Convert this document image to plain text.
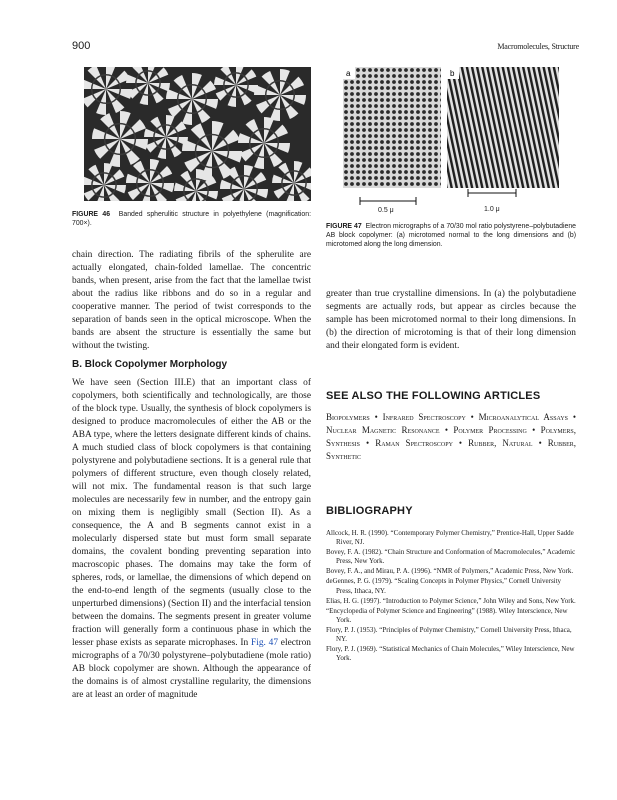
900	Macromolecules, Structure
a	b
0.5 μ	1.0 μ

FIGURE 46 Banded spherulitic structure in polyethylene (magnification: 700×).	FIGURE 47 Electron micrographs of a 70/30 mol ratio polystyrene–polybutadiene AB block copolymer: (a) microtomed normal to the long dimensions and (b) microtomed along the long dimension.

chain direction. The radiating fibrils of the spherulite are actually elongated, chain-folded lamellae. The concentric bands, when present, arise from the fact that the lamellae twist about the radius like ribbons and do so in a regular and cooperative manner. The period of twist corresponds to the separation of bands seen in the optical microscope. When the bands are absent the structure is essentially the same but without the twisting.

B. Block Copolymer Morphology

We have seen (Section III.E) that an important class of copolymers, both scientifically and technologically, are those of the block type. Usually, the synthesis of block copolymers is designed to produce macromolecules of either the AB or the ABA type, where the letters designate different kinds of chains. A much studied class of block copolymers is that containing polystyrene and polybutadiene sections. It is a general rule that polymers of different structure, even though closely related, will not mix. The fundamental reason is that such large molecules are necessarily few in number, and the entropy gain on mixing them is negligibly small (Section II). As a consequence, the A and B segments cannot exist in a molecularly dispersed state but must form small separate domains, the covalent bonding preventing separation into macroscopic phases. The domains may take the form of spheres, rods, or lamellae, the dimensions of which depend on the end-to-end length of the segments (usually close to the unperturbed dimensions) (Section II) and the interfacial tension between the domains. The segments present in greater volume fraction will generally form a continuous phase in which the lesser phase exists as separate microphases. In Fig. 47 electron micrographs of a 70/30 polystyrene–polybutadiene (mole ratio) AB block copolymer are shown. Although the appearance of the domains is of almost crystalline regularity, the dimensions are at least an order of magnitude

greater than true crystalline dimensions. In (a) the polybutadiene segments are actually rods, but appear as circles because the sample has been microtomed normal to their long dimensions. In (b) the direction of microtoming is that of their long dimension and their elongated form is evident.

SEE ALSO THE FOLLOWING ARTICLES

Biopolymers • Infrared Spectroscopy • Microanalytical Assays • Nuclear Magnetic Resonance • Polymer Processing • Polymers, Synthesis • Raman Spectroscopy • Rubber, Natural • Rubber, Synthetic

BIBLIOGRAPHY
Allcock, H. R. (1990). “Contemporary Polymer Chemistry,” Prentice-Hall, Upper Sadde River, NJ.
Bovey, F. A. (1982). “Chain Structure and Conformation of Macromolecules,” Academic Press, New York.
Bovey, F. A., and Mirau, P. A. (1996). “NMR of Polymers,” Academic Press, New York.
deGennes, P. G. (1979). “Scaling Concepts in Polymer Physics,” Cornell University Press, Ithaca, NY.
Elias, H. G. (1997). “Introduction to Polymer Science,” John Wiley and Sons, New York.
“Encyclopedia of Polymer Science and Engineering” (1988). Wiley Interscience, New York.
Flory, P. J. (1953). “Principles of Polymer Chemistry,” Cornell University Press, Ithaca, NY.
Flory, P. J. (1969). “Statistical Mechanics of Chain Molecules,” Wiley Interscience, New York.
